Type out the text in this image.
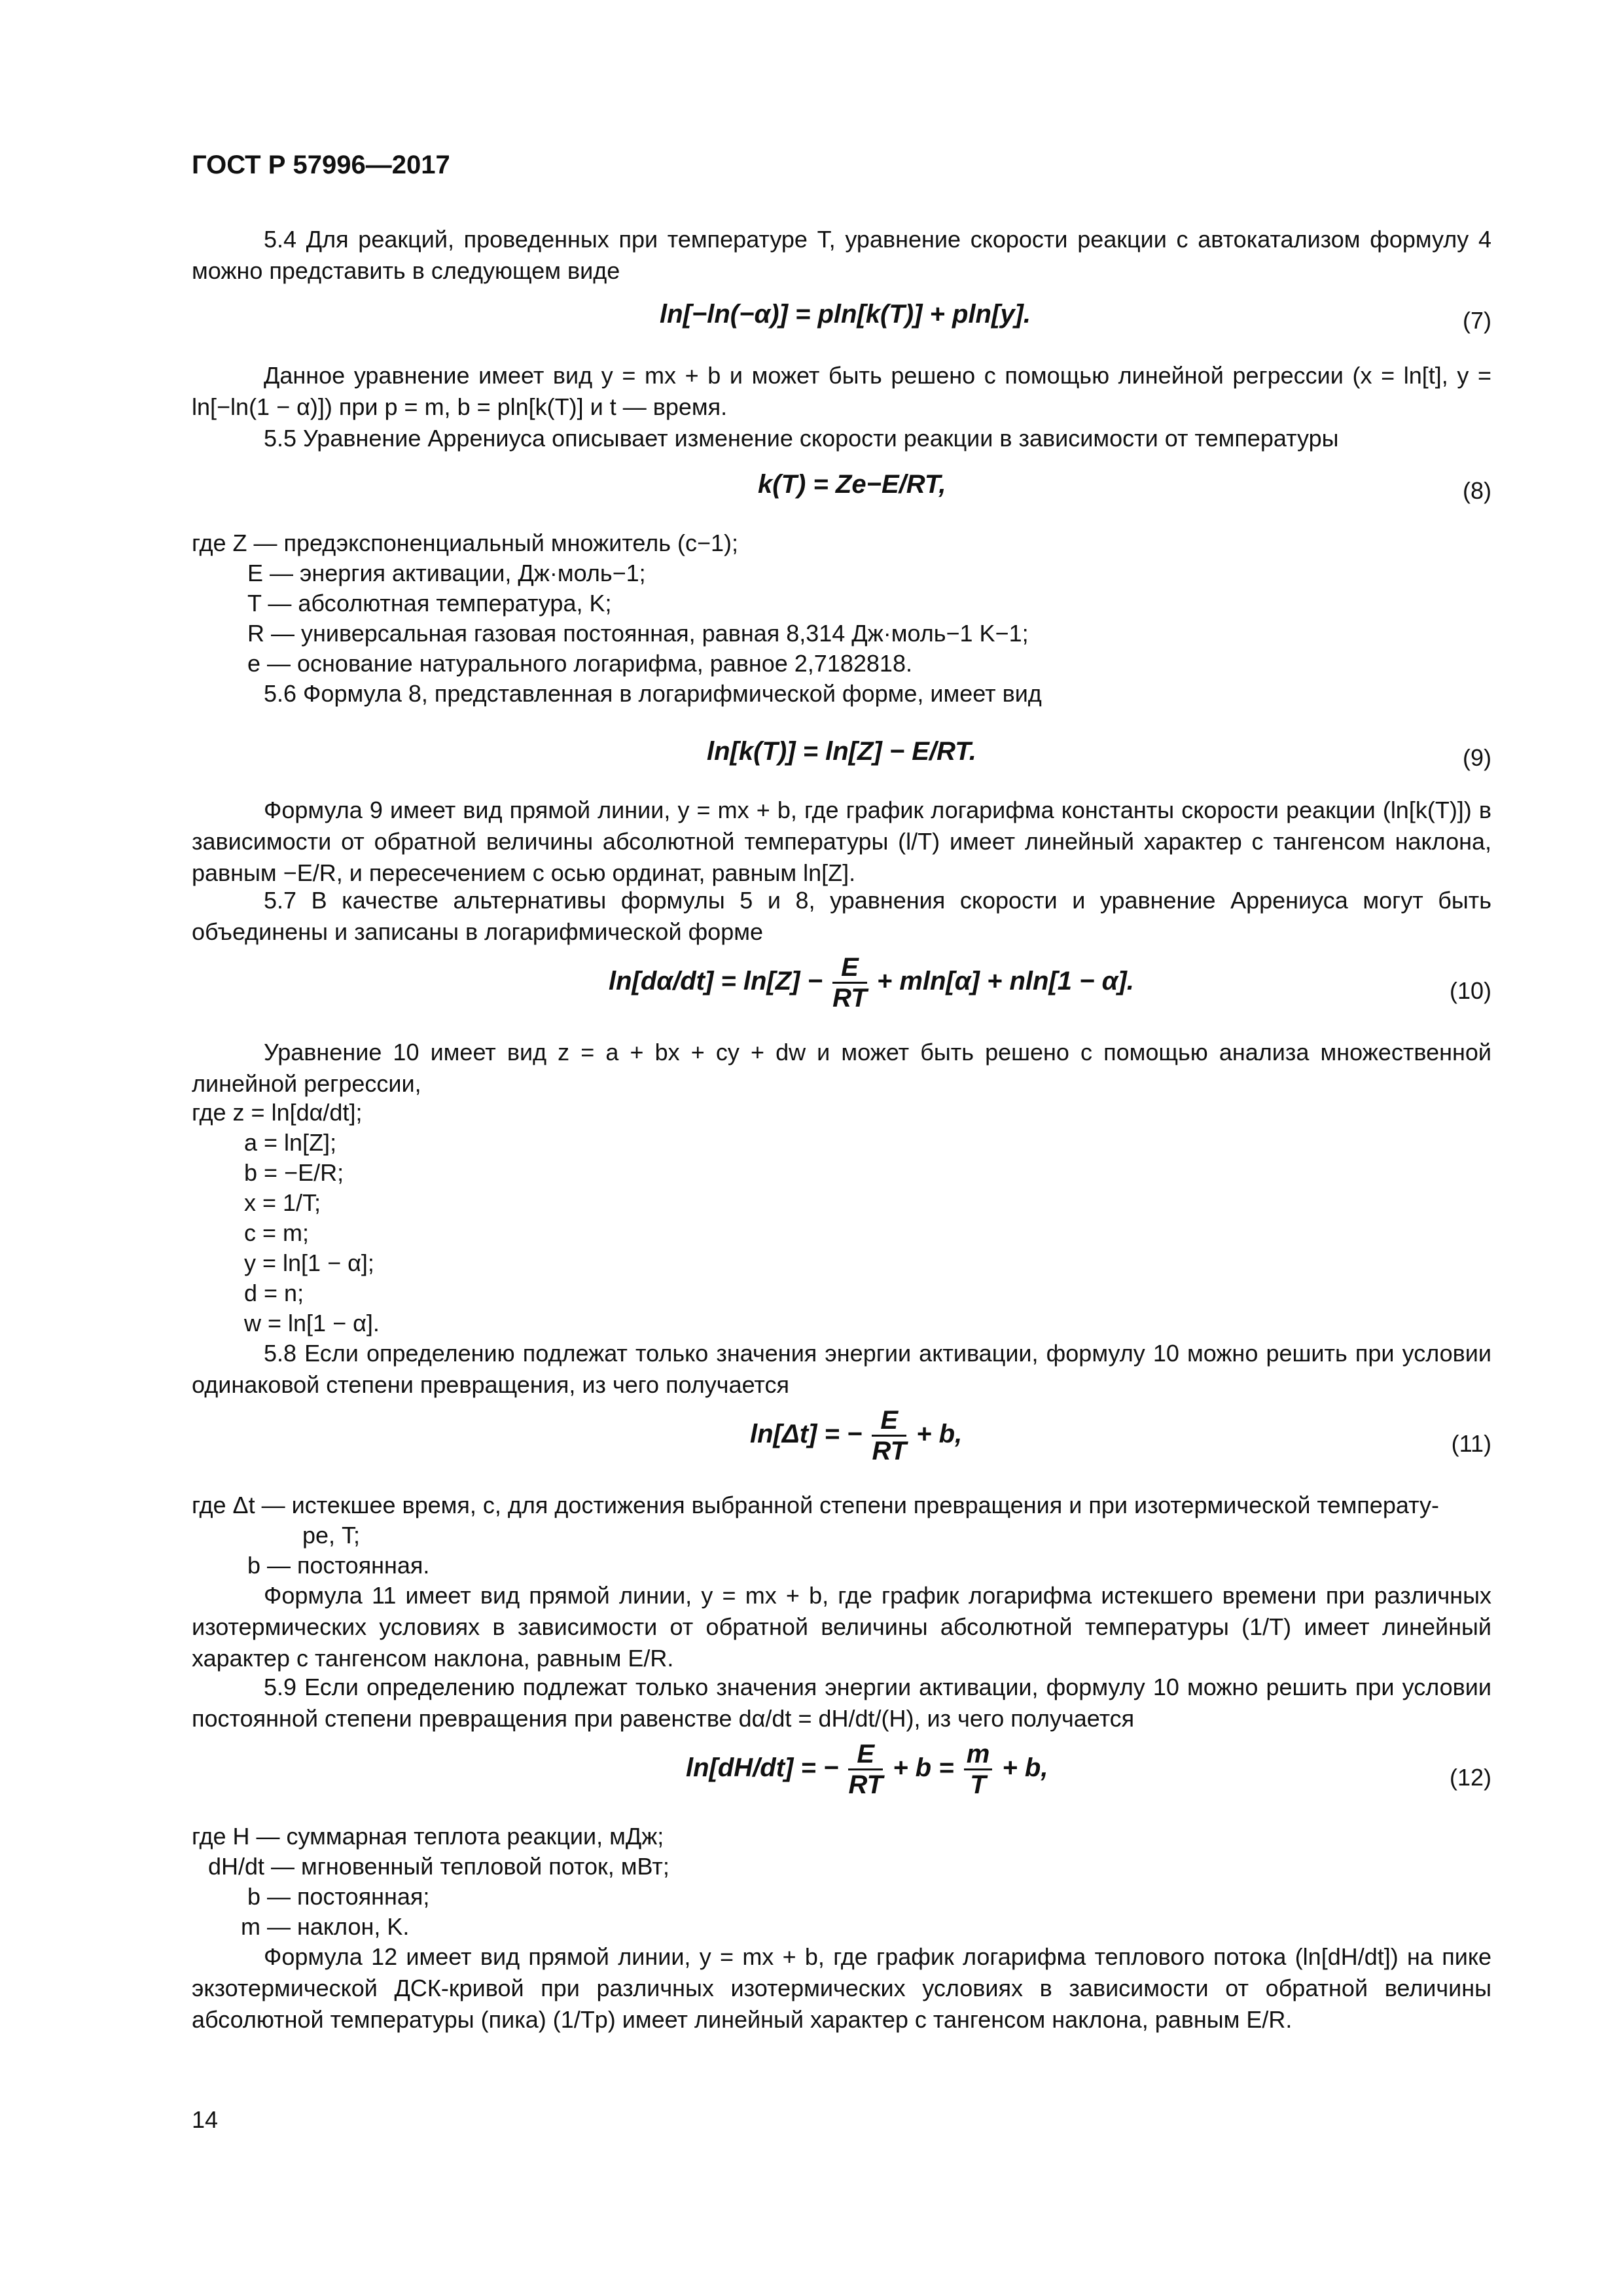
ГОСТ Р 57996—2017
5.4 Для реакций, проведенных при температуре T, уравнение скорости реакции с автокатализом формулу 4 можно представить в следующем виде
ln[−ln(−α)] = pln[k(T)] + pln[y].	(7)
Данное уравнение имеет вид y = mx + b и может быть решено с помощью линейной регрессии (x = ln[t], y = ln[−ln(1 − α)]) при p = m, b = pln[k(T)] и t — время.
5.5 Уравнение Аррениуса описывает изменение скорости реакции в зависимости от температуры
k(T) = Ze−E/RT,	(8)
где Z — предэкспоненциальный множитель (с−1);
E — энергия активации, Дж·моль−1;
T — абсолютная температура, K;
R — универсальная газовая постоянная, равная 8,314 Дж·моль−1 K−1;
e — основание натурального логарифма, равное 2,7182818.
5.6 Формула 8, представленная в логарифмической форме, имеет вид
ln[k(T)] = ln[Z] − E/RT.	(9)
Формула 9 имеет вид прямой линии, y = mx + b, где график логарифма константы скорости реакции (ln[k(T)]) в зависимости от обратной величины абсолютной температуры (l/T) имеет линейный характер с тангенсом наклона, равным −E/R, и пересечением с осью ординат, равным ln[Z].
5.7 В качестве альтернативы формулы 5 и 8, уравнения скорости и уравнение Аррениуса могут быть объединены и записаны в логарифмической форме
$\ln[d\alpha/dt] = \ln[Z] - \frac{E}{RT} + mln[\alpha] + nln[1 - \alpha]$.	(10)
Уравнение 10 имеет вид z = a + bx + cy + dw и может быть решено с помощью анализа множественной линейной регрессии,
где z = ln[dα/dt];
a = ln[Z];
b = −E/R;
x = 1/T;
c = m;
y = ln[1 − α];
d = n;
w = ln[1 − α].
5.8 Если определению подлежат только значения энергии активации, формулу 10 можно решить при условии одинаковой степени превращения, из чего получается
ln[Δt] = − $\frac{E}{RT} + b$,	(11)
где Δt — истекшее время, с, для достижения выбранной степени превращения и при изотермической температу-
ре, T;
b — постоянная.
Формула 11 имеет вид прямой линии, y = mx + b, где график логарифма истекшего времени при различных изотермических условиях в зависимости от обратной величины абсолютной температуры (1/T) имеет линейный характер с тангенсом наклона, равным E/R.
5.9 Если определению подлежат только значения энергии активации, формулу 10 можно решить при условии постоянной степени превращения при равенстве dα/dt = dH/dt/(H), из чего получается
ln[dH/dt] = − $\frac{E}{RT} + b = \frac{m}{T} + b$,	(12)
где H — суммарная теплота реакции, мДж;
dH/dt — мгновенный тепловой поток, мВт;
b — постоянная;
m — наклон, K.
Формула 12 имеет вид прямой линии, y = mx + b, где график логарифма теплового потока (ln[dH/dt]) на пике экзотермической ДСК-кривой при различных изотермических условиях в зависимости от обратной величины абсолютной температуры (пика) (1/Tp) имеет линейный характер с тангенсом наклона, равным E/R.
14
